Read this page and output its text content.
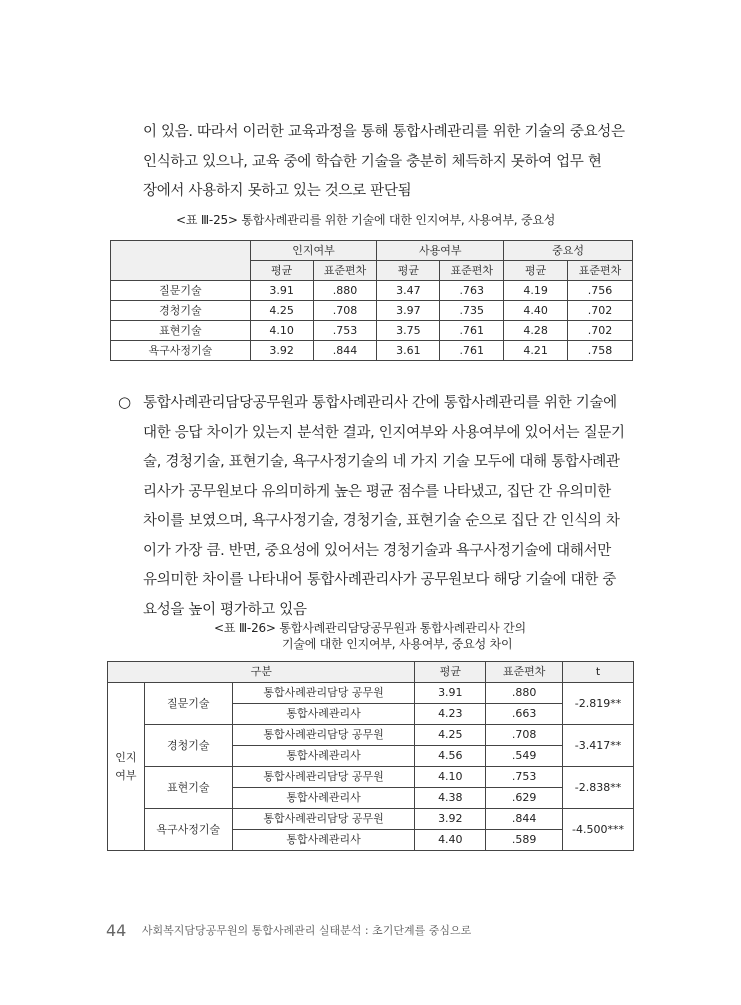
이 있음. 따라서 이러한 교육과정을 통해 통합사례관리를 위한 기술의 중요성은

인식하고 있으나, 교육 중에 학습한 기술을 충분히 체득하지 못하여 업무 현

장에서 사용하지 못하고 있는 것으로 판단됨

<표 Ⅲ-25> 통합사례관리를 위한 기술에 대한 인지여부, 사용여부, 중요성
	인지여부		사용여부		중요성	
	평균	표준편차	평균	표준편차	평균	표준편차
질문기술	3.91	.880	3.47	.763	4.19	.756
경청기술	4.25	.708	3.97	.735	4.40	.702
표현기술	4.10	.753	3.75	.761	4.28	.702
욕구사정기술	3.92	.844	3.61	.761	4.21	.758
○ 통합사례관리담당공무원과 통합사례관리사 간에 통합사례관리를 위한 기술에

대한 응답 차이가 있는지 분석한 결과, 인지여부와 사용여부에 있어서는 질문기

술, 경청기술, 표현기술, 욕구사정기술의 네 가지 기술 모두에 대해 통합사례관

리사가 공무원보다 유의미하게 높은 평균 점수를 나타냈고, 집단 간 유의미한

차이를 보였으며, 욕구사정기술, 경청기술, 표현기술 순으로 집단 간 인식의 차

이가 가장 큼. 반면, 중요성에 있어서는 경청기술과 욕구사정기술에 대해서만

유의미한 차이를 나타내어 통합사례관리사가 공무원보다 해당 기술에 대한 중

요성을 높이 평가하고 있음

<표 Ⅲ-26> 통합사례관리담당공무원과 통합사례관리사 간의
기술에 대한 인지여부, 사용여부, 중요성 차이
구분			평균	표준편차	t
인지
여부	질문기술	통합사례관리담당 공무원	3.91	.880	-2.819**
		통합사례관리사	4.23	.663	
	경청기술	통합사례관리담당 공무원	4.25	.708	-3.417**
		통합사례관리사	4.56	.549	
	표현기술	통합사례관리담당 공무원	4.10	.753	-2.838**
		통합사례관리사	4.38	.629	
	욕구사정기술	통합사례관리담당 공무원	3.92	.844	-4.500***
		통합사례관리사	4.40	.589	
44 사회복지담당공무원의 통합사례관리 실태분석 : 초기단계를 중심으로
